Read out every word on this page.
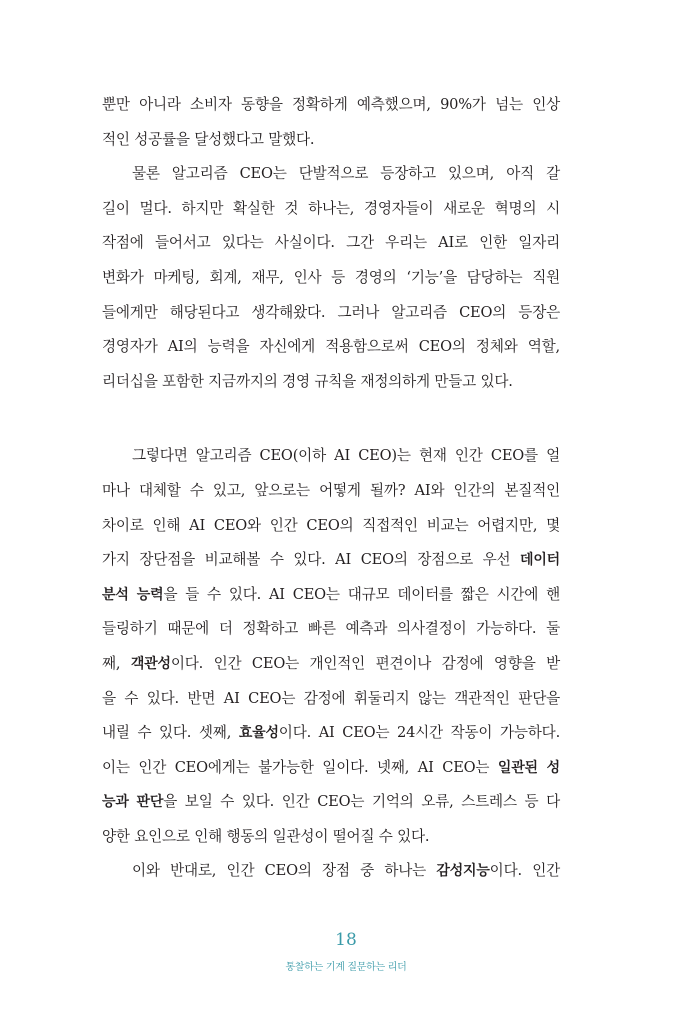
뿐만 아니라 소비자 동향을 정확하게 예측했으며, 90%가 넘는 인상
적인 성공률을 달성했다고 말했다.
물론 알고리즘 CEO는 단발적으로 등장하고 있으며, 아직 갈
길이 멀다. 하지만 확실한 것 하나는, 경영자들이 새로운 혁명의 시
작점에 들어서고 있다는 사실이다. 그간 우리는 AI로 인한 일자리
변화가 마케팅, 회계, 재무, 인사 등 경영의 ‘기능’을 담당하는 직원
들에게만 해당된다고 생각해왔다. 그러나 알고리즘 CEO의 등장은
경영자가 AI의 능력을 자신에게 적용함으로써 CEO의 정체와 역할,
리더십을 포함한 지금까지의 경영 규칙을 재정의하게 만들고 있다.
그렇다면 알고리즘 CEO(이하 AI CEO)는 현재 인간 CEO를 얼
마나 대체할 수 있고, 앞으로는 어떻게 될까? AI와 인간의 본질적인
차이로 인해 AI CEO와 인간 CEO의 직접적인 비교는 어렵지만, 몇
가지 장단점을 비교해볼 수 있다. AI CEO의 장점으로 우선 데이터
분석 능력을 들 수 있다. AI CEO는 대규모 데이터를 짧은 시간에 핸
들링하기 때문에 더 정확하고 빠른 예측과 의사결정이 가능하다. 둘
째, 객관성이다. 인간 CEO는 개인적인 편견이나 감정에 영향을 받
을 수 있다. 반면 AI CEO는 감정에 휘둘리지 않는 객관적인 판단을
내릴 수 있다. 셋째, 효율성이다. AI CEO는 24시간 작동이 가능하다.
이는 인간 CEO에게는 불가능한 일이다. 넷째, AI CEO는 일관된 성
능과 판단을 보일 수 있다. 인간 CEO는 기억의 오류, 스트레스 등 다
양한 요인으로 인해 행동의 일관성이 떨어질 수 있다.
이와 반대로, 인간 CEO의 장점 중 하나는 감성지능이다. 인간
18
통찰하는 기계 질문하는 리더
